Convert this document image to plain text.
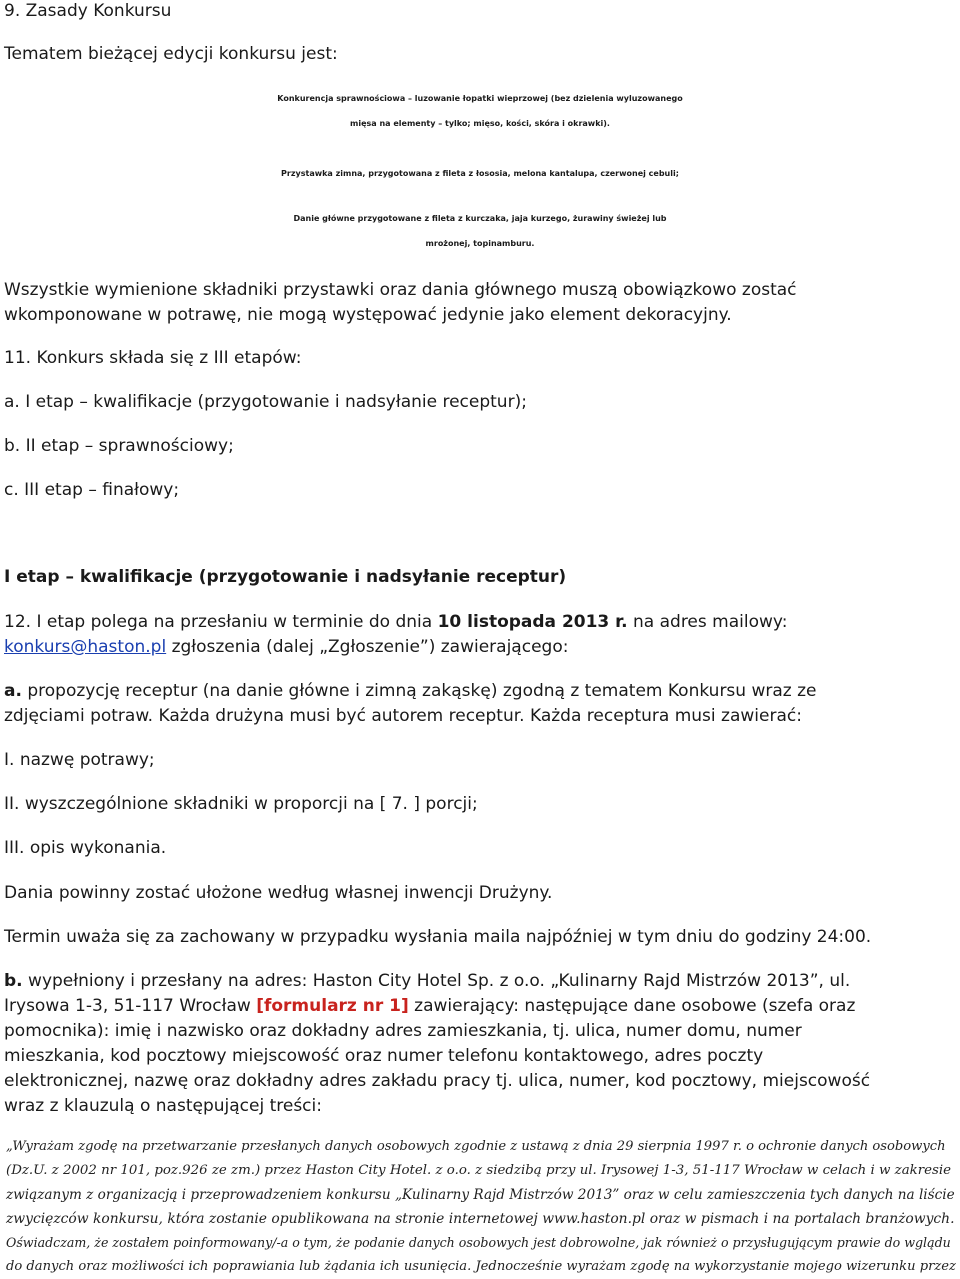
9. Zasady Konkursu
Tematem bieżącej edycji konkursu jest:
Konkurencja sprawnościowa – luzowanie łopatki wieprzowej (bez dzielenia wyluzowanego
mięsa na elementy – tylko; mięso, kości, skóra i okrawki).
Przystawka zimna, przygotowana z fileta z łososia, melona kantalupa, czerwonej cebuli;
Danie główne przygotowane z fileta z kurczaka, jaja kurzego, żurawiny świeżej lub
mrożonej, topinamburu.
Wszystkie wymienione składniki przystawki oraz dania głównego muszą obowiązkowo zostać
wkomponowane w potrawę, nie mogą występować jedynie jako element dekoracyjny.
11. Konkurs składa się z III etapów:
a. I etap – kwalifikacje (przygotowanie i nadsyłanie receptur);
b. II etap – sprawnościowy;
c. III etap – finałowy;
I etap – kwalifikacje (przygotowanie i nadsyłanie receptur)
12. I etap polega na przesłaniu w terminie do dnia 10 listopada 2013 r. na adres mailowy:
konkurs@haston.pl zgłoszenia (dalej „Zgłoszenie”) zawierającego:
a. propozycję receptur (na danie główne i zimną zakąskę) zgodną z tematem Konkursu wraz ze
zdjęciami potraw. Każda drużyna musi być autorem receptur. Każda receptura musi zawierać:
I. nazwę potrawy;
II. wyszczególnione składniki w proporcji na [ 7. ] porcji;
III. opis wykonania.
Dania powinny zostać ułożone według własnej inwencji Drużyny.
Termin uważa się za zachowany w przypadku wysłania maila najpóźniej w tym dniu do godziny 24:00.
b. wypełniony i przesłany na adres: Haston City Hotel Sp. z o.o. „Kulinarny Rajd Mistrzów 2013”, ul.
Irysowa 1-3, 51-117 Wrocław [formularz nr 1] zawierający: następujące dane osobowe (szefa oraz
pomocnika): imię i nazwisko oraz dokładny adres zamieszkania, tj. ulica, numer domu, numer
mieszkania, kod pocztowy miejscowość oraz numer telefonu kontaktowego, adres poczty
elektronicznej, nazwę oraz dokładny adres zakładu pracy tj. ulica, numer, kod pocztowy, miejscowość
wraz z klauzulą o następującej treści:
„Wyrażam zgodę na przetwarzanie przesłanych danych osobowych zgodnie z ustawą z dnia 29 sierpnia 1997 r. o ochronie danych osobowych
(Dz.U. z 2002 nr 101, poz.926 ze zm.) przez Haston City Hotel. z o.o. z siedzibą przy ul. Irysowej 1-3, 51-117 Wrocław w celach i w zakresie
związanym z organizacją i przeprowadzeniem konkursu „Kulinarny Rajd Mistrzów 2013” oraz w celu zamieszczenia tych danych na liście
zwycięzców konkursu, która zostanie opublikowana na stronie internetowej www.haston.pl oraz w pismach i na portalach branżowych.
Oświadczam, że zostałem poinformowany/-a o tym, że podanie danych osobowych jest dobrowolne, jak również o przysługującym prawie do wglądu
do danych oraz możliwości ich poprawiania lub żądania ich usunięcia. Jednocześnie wyrażam zgodę na wykorzystanie mojego wizerunku przez
